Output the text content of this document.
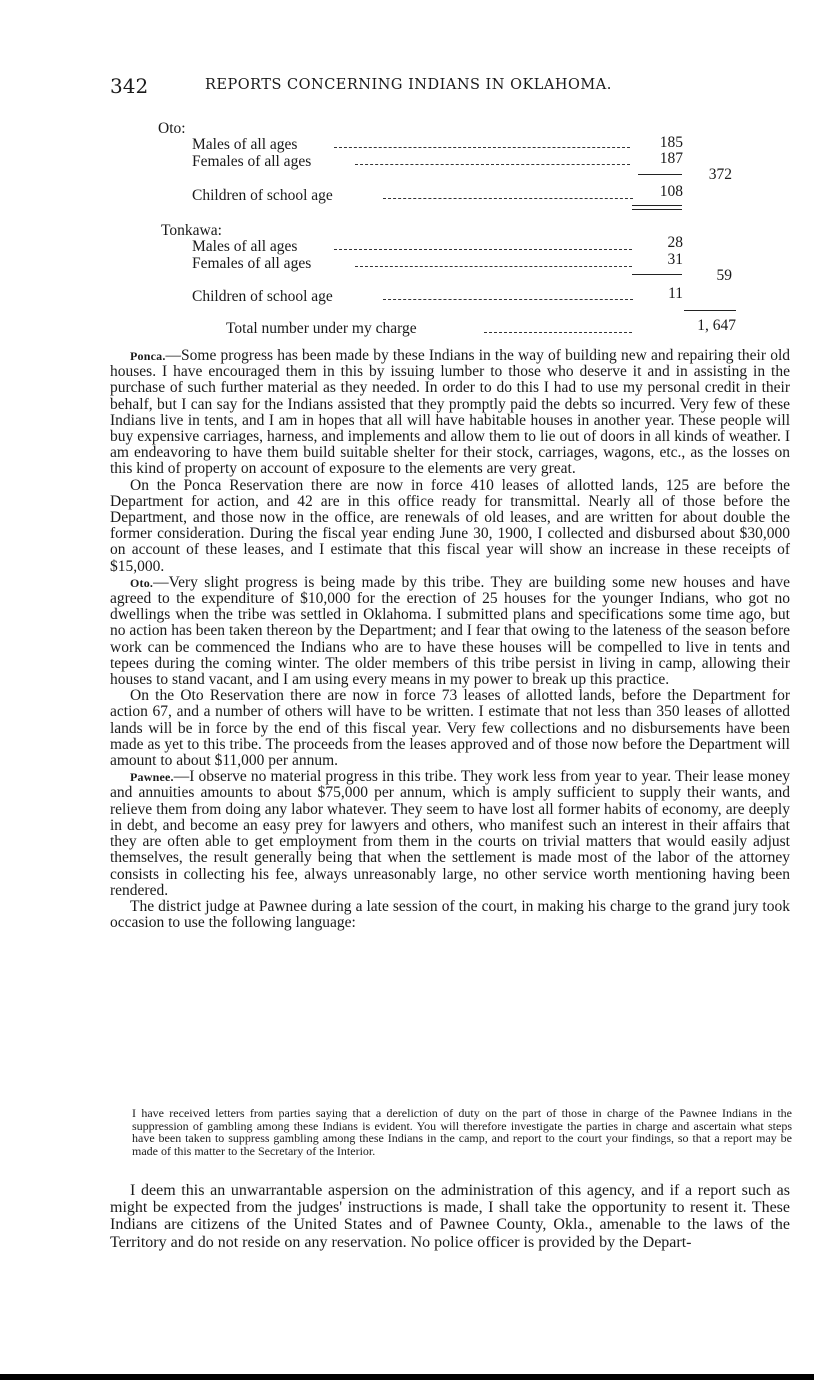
342	REPORTS CONCERNING INDIANS IN OKLAHOMA.
Oto:
Males of all ages	185
Females of all ages	187
372
Children of school age	108
Tonkawa:
Males of all ages	28
Females of all ages	31
59
Children of school age	11
Total number under my charge	1, 647

Ponca.—Some progress has been made by these Indians in the way of building new and repairing their old houses. I have encouraged them in this by issuing lumber to those who deserve it and in assisting in the purchase of such further material as they needed. In order to do this I had to use my personal credit in their behalf, but I can say for the Indians assisted that they promptly paid the debts so incurred. Very few of these Indians live in tents, and I am in hopes that all will have habitable houses in another year. These people will buy expensive carriages, harness, and implements and allow them to lie out of doors in all kinds of weather. I am endeavoring to have them build suitable shelter for their stock, carriages, wagons, etc., as the losses on this kind of property on account of exposure to the elements are very great.

On the Ponca Reservation there are now in force 410 leases of allotted lands, 125 are before the Department for action, and 42 are in this office ready for transmittal. Nearly all of those before the Department, and those now in the office, are renewals of old leases, and are written for about double the former consideration. During the fiscal year ending June 30, 1900, I collected and disbursed about $30,000 on account of these leases, and I estimate that this fiscal year will show an increase in these receipts of $15,000.

Oto.—Very slight progress is being made by this tribe. They are building some new houses and have agreed to the expenditure of $10,000 for the erection of 25 houses for the younger Indians, who got no dwellings when the tribe was settled in Oklahoma. I submitted plans and specifications some time ago, but no action has been taken thereon by the Department; and I fear that owing to the lateness of the season before work can be commenced the Indians who are to have these houses will be compelled to live in tents and tepees during the coming winter. The older members of this tribe persist in living in camp, allowing their houses to stand vacant, and I am using every means in my power to break up this practice.

On the Oto Reservation there are now in force 73 leases of allotted lands, before the Department for action 67, and a number of others will have to be written. I estimate that not less than 350 leases of allotted lands will be in force by the end of this fiscal year. Very few collections and no disbursements have been made as yet to this tribe. The proceeds from the leases approved and of those now before the Department will amount to about $11,000 per annum.

Pawnee.—I observe no material progress in this tribe. They work less from year to year. Their lease money and annuities amounts to about $75,000 per annum, which is amply sufficient to supply their wants, and relieve them from doing any labor whatever. They seem to have lost all former habits of economy, are deeply in debt, and become an easy prey for lawyers and others, who manifest such an interest in their affairs that they are often able to get employment from them in the courts on trivial matters that would easily adjust themselves, the result generally being that when the settlement is made most of the labor of the attorney consists in collecting his fee, always unreasonably large, no other service worth mentioning having been rendered.

The district judge at Pawnee during a late session of the court, in making his charge to the grand jury took occasion to use the following language:

I have received letters from parties saying that a dereliction of duty on the part of those in charge of the Pawnee Indians in the suppression of gambling among these Indians is evident. You will therefore investigate the parties in charge and ascertain what steps have been taken to suppress gambling among these Indians in the camp, and report to the court your findings, so that a report may be made of this matter to the Secretary of the Interior.

I deem this an unwarrantable aspersion on the administration of this agency, and if a report such as might be expected from the judges' instructions is made, I shall take the opportunity to resent it. These Indians are citizens of the United States and of Pawnee County, Okla., amenable to the laws of the Territory and do not reside on any reservation. No police officer is provided by the Depart-
